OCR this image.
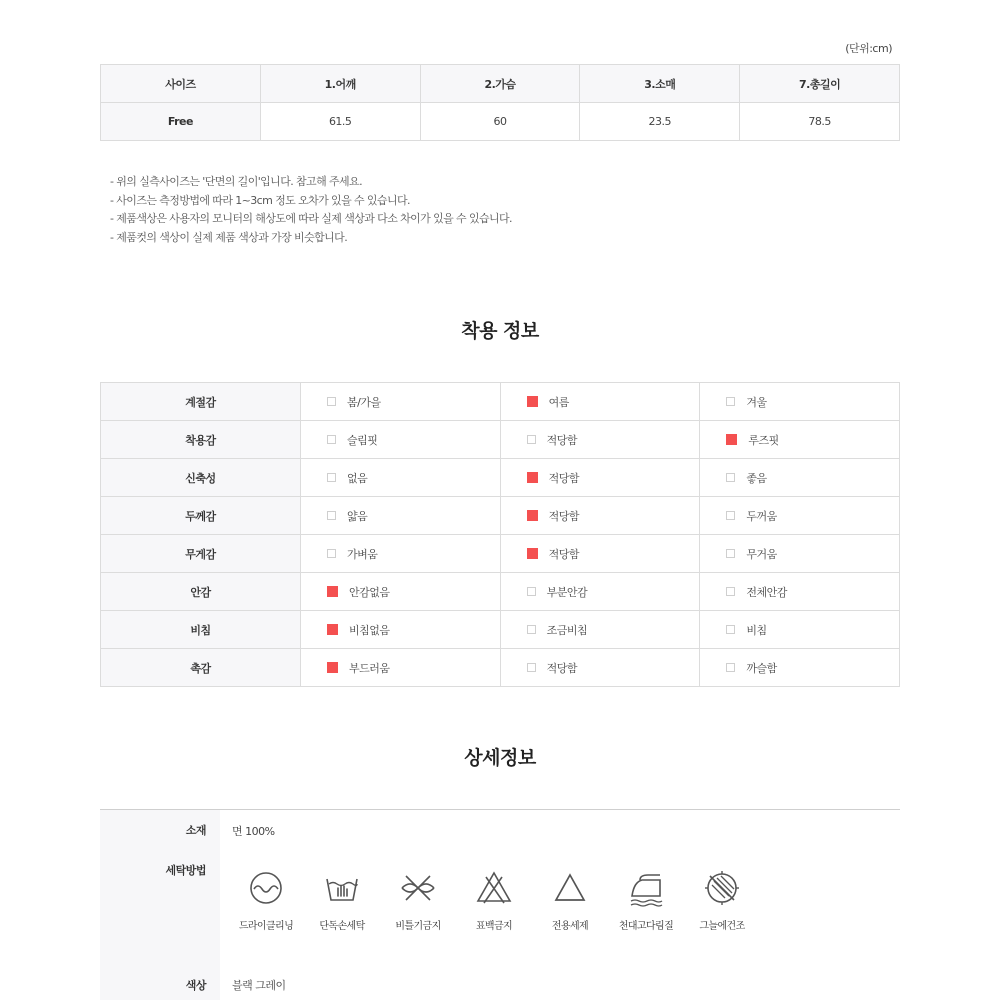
(단위:cm)
사이즈	1.어깨	2.가슴	3.소매	7.총길이
Free	61.5	60	23.5	78.5
- 위의 실측사이즈는 '단면의 길이'입니다. 참고해 주세요.
- 사이즈는 측정방법에 따라 1~3cm 정도 오차가 있을 수 있습니다.
- 제품색상은 사용자의 모니터의 해상도에 따라 실제 색상과 다소 차이가 있을 수 있습니다.
- 제품컷의 색상이 실제 제품 색상과 가장 비슷합니다.
착용 정보
계절감	봄/가을	여름	겨울
착용감	슬림핏	적당함	루즈핏
신축성	없음	적당함	좋음
두께감	얇음	적당함	두꺼움
무게감	가벼움	적당함	무거움
안감	안감없음	부분안감	전체안감
비침	비침없음	조금비침	비침
촉감	부드러움	적당함	까슬함
상세정보
소재 면 100%
세탁방법
드라이클리닝	단독손세탁	비틀기금지	표백금지	전용세제	천대고다림질	그늘에건조
색상 블랙 그레이
